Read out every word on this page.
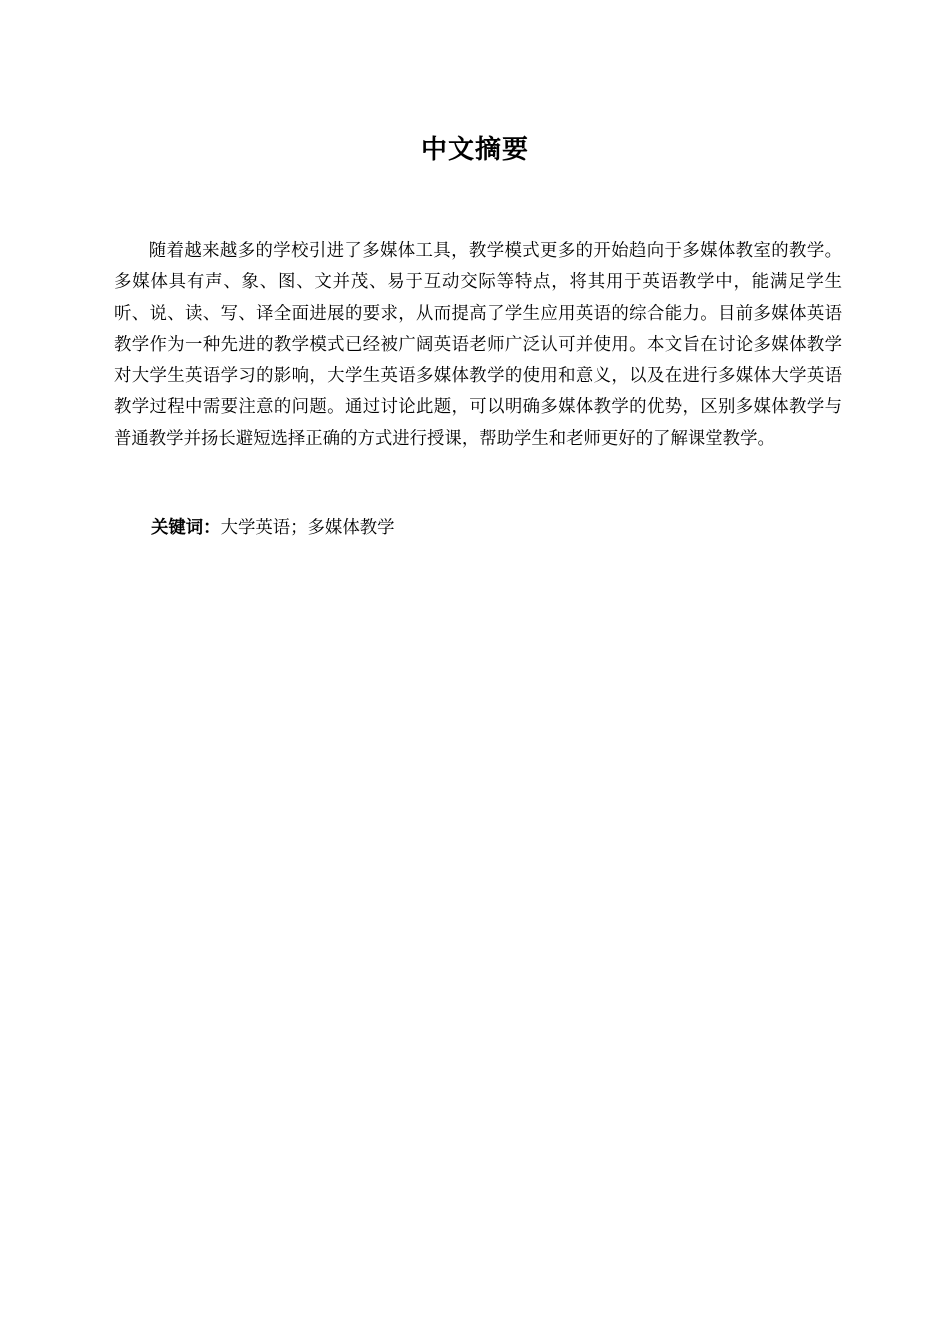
中文摘要

随着越来越多的学校引进了多媒体工具，教学模式更多的开始趋向于多媒体教室的教学。多媒体具有声、象、图、文并茂、易于互动交际等特点，将其用于英语教学中，能满足学生听、说、读、写、译全面进展的要求，从而提高了学生应用英语的综合能力。目前多媒体英语教学作为一种先进的教学模式已经被广阔英语老师广泛认可并使用。本文旨在讨论多媒体教学对大学生英语学习的影响，大学生英语多媒体教学的使用和意义，以及在进行多媒体大学英语教学过程中需要注意的问题。通过讨论此题，可以明确多媒体教学的优势，区别多媒体教学与普通教学并扬长避短选择正确的方式进行授课，帮助学生和老师更好的了解课堂教学。

关键词：大学英语；多媒体教学
